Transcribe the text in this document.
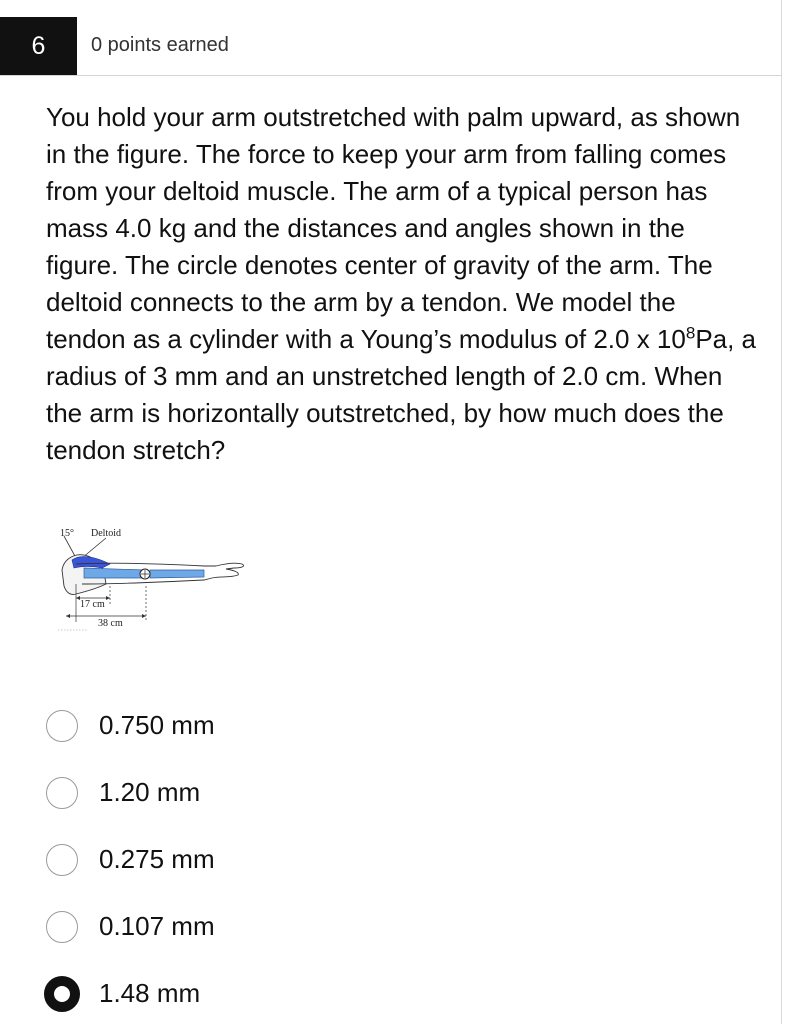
6 0 points earned

You hold your arm outstretched with palm upward, as shown in the figure. The force to keep your arm from falling comes from your deltoid muscle. The arm of a typical person has mass 4.0 kg and the distances and angles shown in the figure. The circle denotes center of gravity of the arm. The deltoid connects to the arm by a tendon. We model the tendon as a cylinder with a Young’s modulus of 2.0 x $10^8Pa$, a radius of 3 mm and an unstretched length of 2.0 cm. When the arm is horizontally outstretched, by how much does the tendon stretch?

15° Deltoid
17 cm
38 cm
0.750 mm
1.20 mm
0.275 mm
0.107 mm
1.48 mm
